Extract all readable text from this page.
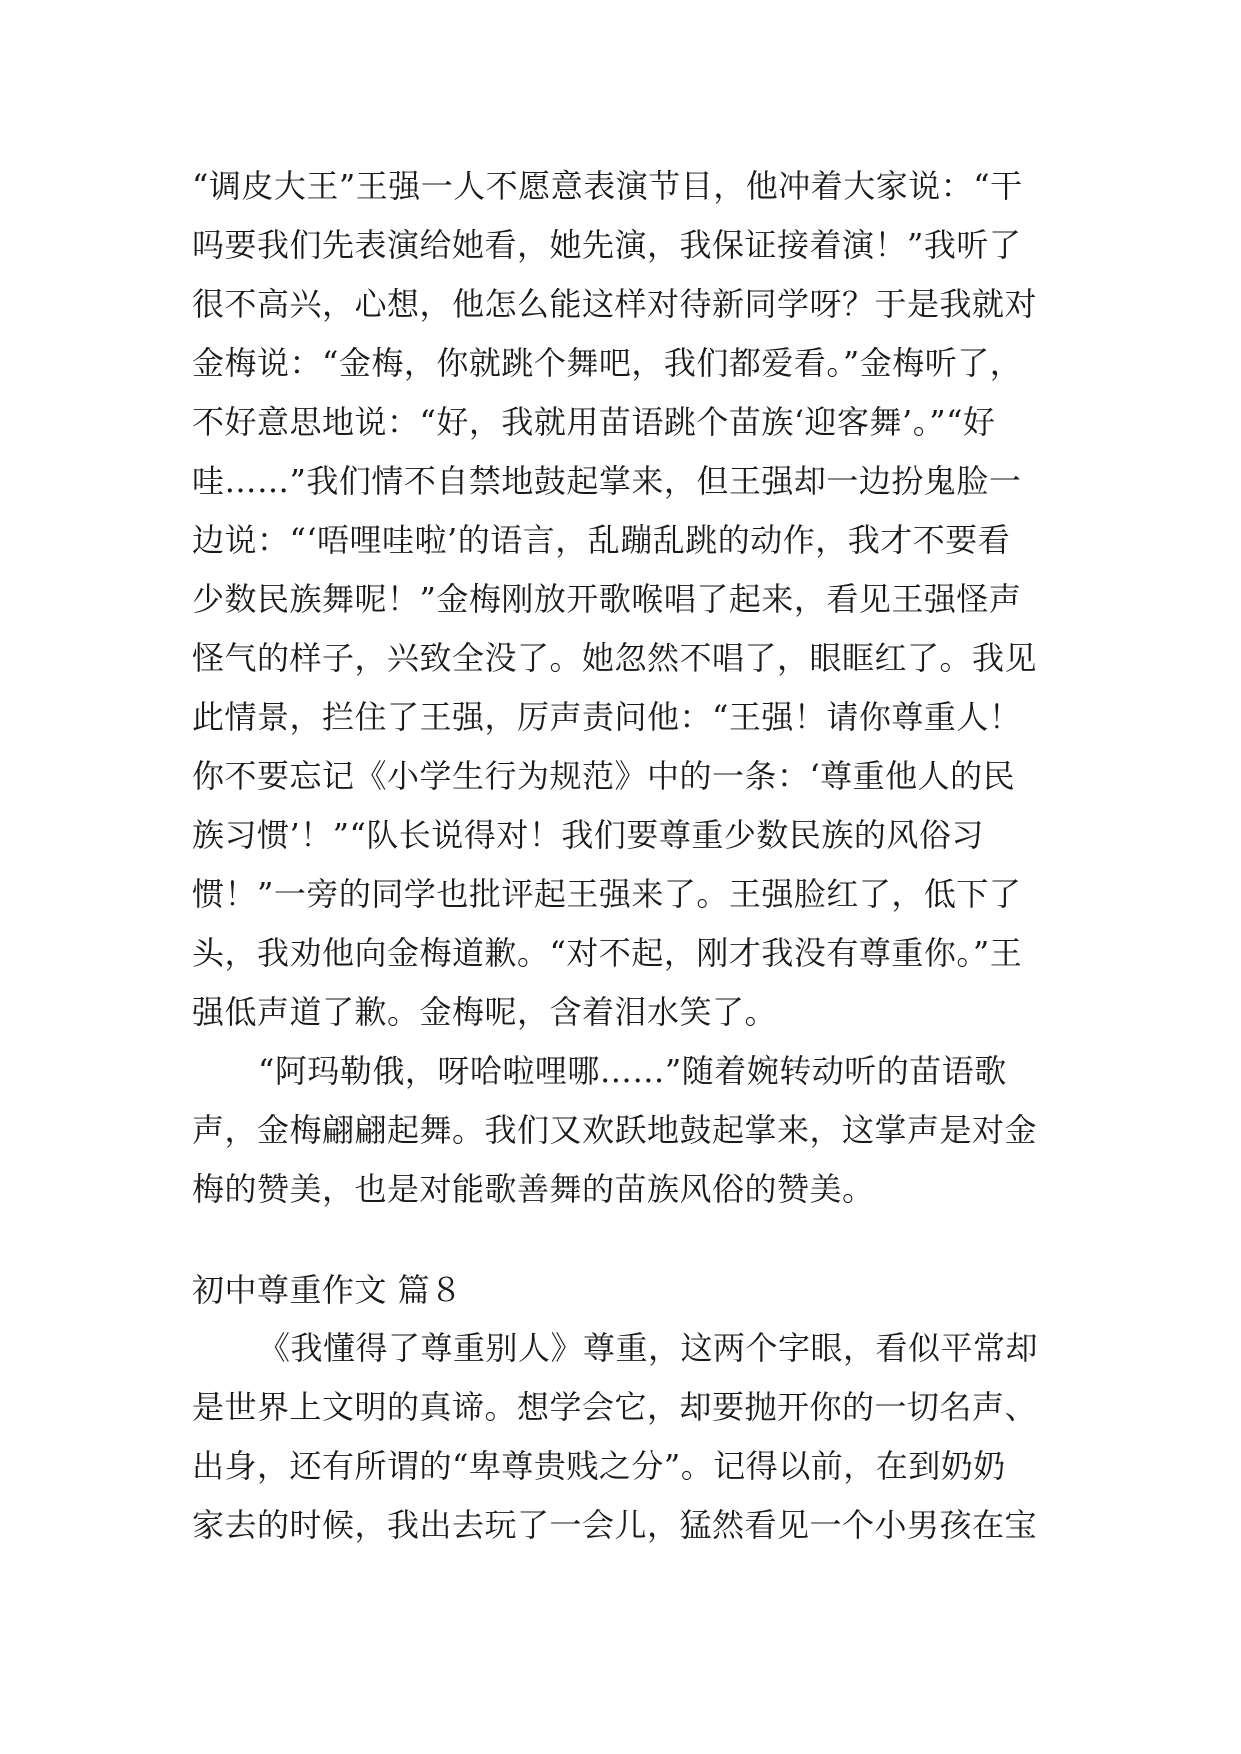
“调皮大王”王强一人不愿意表演节目，他冲着大家说：“干
吗要我们先表演给她看，她先演，我保证接着演！”我听了
很不高兴，心想，他怎么能这样对待新同学呀？于是我就对
金梅说：“金梅，你就跳个舞吧，我们都爱看。”金梅听了，
不好意思地说：“好，我就用苗语跳个苗族‘迎客舞’。”“好
哇……”我们情不自禁地鼓起掌来，但王强却一边扮鬼脸一
边说：“‘唔哩哇啦’的语言，乱蹦乱跳的动作，我才不要看
少数民族舞呢！”金梅刚放开歌喉唱了起来，看见王强怪声
怪气的样子，兴致全没了。她忽然不唱了，眼眶红了。我见
此情景，拦住了王强，厉声责问他：“王强！请你尊重人！
你不要忘记《小学生行为规范》中的一条：‘尊重他人的民
族习惯’！”“队长说得对！我们要尊重少数民族的风俗习
惯！”一旁的同学也批评起王强来了。王强脸红了，低下了
头，我劝他向金梅道歉。“对不起，刚才我没有尊重你。”王
强低声道了歉。金梅呢，含着泪水笑了。
“阿玛勒俄，呀哈啦哩哪……”随着婉转动听的苗语歌
声，金梅翩翩起舞。我们又欢跃地鼓起掌来，这掌声是对金
梅的赞美，也是对能歌善舞的苗族风俗的赞美。
初中尊重作文 篇８
《我懂得了尊重别人》尊重，这两个字眼，看似平常却
是世界上文明的真谛。想学会它，却要抛开你的一切名声、
出身，还有所谓的“卑尊贵贱之分”。记得以前，在到奶奶
家去的时候，我出去玩了一会儿，猛然看见一个小男孩在宝
